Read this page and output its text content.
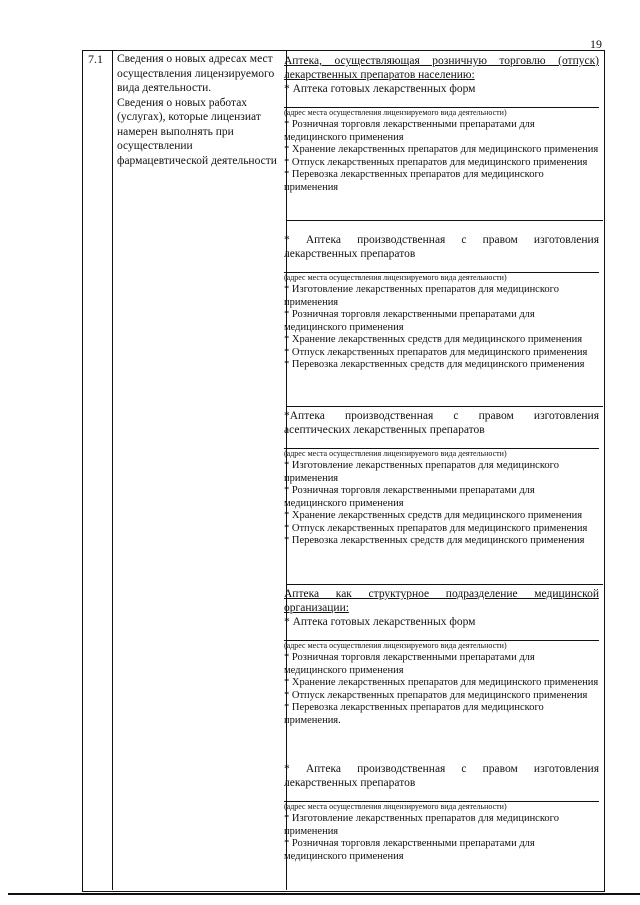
19
7.1 Сведения о новых адресах мест осуществления лицензируемого вида деятельности.

Сведения о новых работах (услугах), которые лицензиат намерен выполнять при осуществлении фармацевтической деятельности

Аптека, осуществляющая розничную торговлю (отпуск) лекарственных препаратов населению:
* Аптека готовых лекарственных форм
(адрес места осуществления лицензируемого вида деятельности)
* Розничная торговля лекарственными препаратами для медицинского применения
* Хранение лекарственных препаратов для медицинского применения
* Отпуск лекарственных препаратов для медицинского применения
* Перевозка лекарственных препаратов для медицинского применения
* Аптека производственная с правом изготовления лекарственных препаратов
(адрес места осуществления лицензируемого вида деятельности)
* Изготовление лекарственных препаратов для медицинского применения
* Розничная торговля лекарственными препаратами для медицинского применения
* Хранение лекарственных средств для медицинского применения
* Отпуск лекарственных препаратов для медицинского применения
* Перевозка лекарственных средств для медицинского применения
*Аптека производственная с правом изготовления асептических лекарственных препаратов
(адрес места осуществления лицензируемого вида деятельности)
* Изготовление лекарственных препаратов для медицинского применения
* Розничная торговля лекарственными препаратами для медицинского применения
* Хранение лекарственных средств для медицинского применения
* Отпуск лекарственных препаратов для медицинского применения
* Перевозка лекарственных средств для медицинского применения
Аптека как структурное подразделение медицинской организации:
* Аптека готовых лекарственных форм
(адрес места осуществления лицензируемого вида деятельности)
* Розничная торговля лекарственными препаратами для медицинского применения
* Хранение лекарственных препаратов для медицинского применения
* Отпуск лекарственных препаратов для медицинского применения
* Перевозка лекарственных препаратов для медицинского применения.
* Аптека производственная с правом изготовления лекарственных препаратов
(адрес места осуществления лицензируемого вида деятельности)
* Изготовление лекарственных препаратов для медицинского применения
* Розничная торговля лекарственными препаратами для медицинского применения
